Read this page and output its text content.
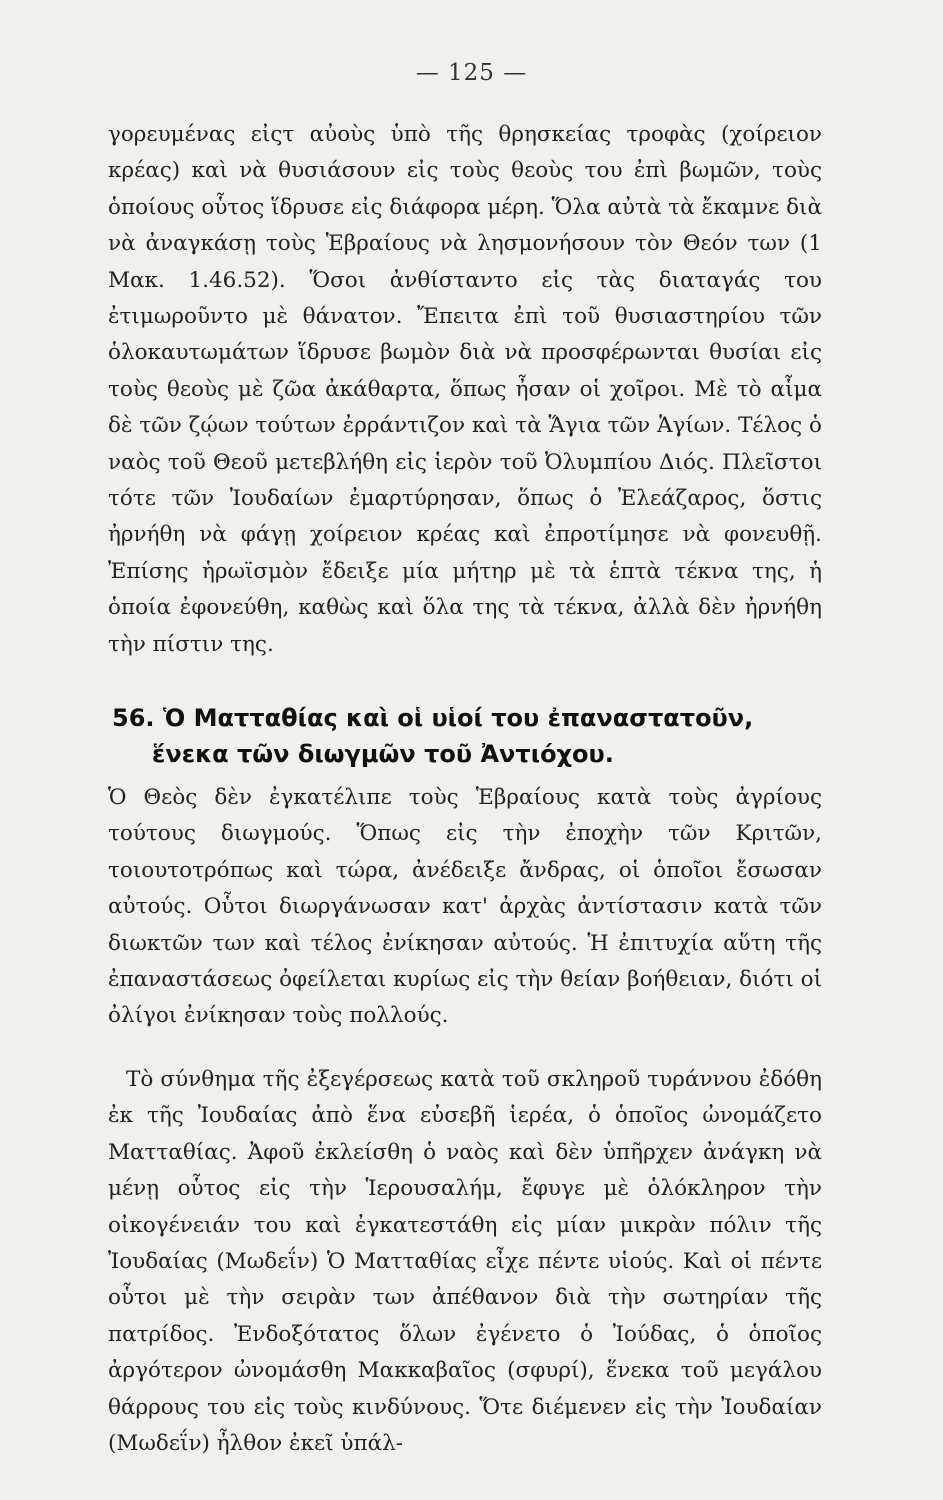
— 125 —

γορευμένας εἰςτ αὐοὺς ὑπὸ τῆς θρησκείας τροφὰς (χοίρειον κρέας) καὶ νὰ θυσιάσουν εἰς τοὺς θεοὺς του ἐπὶ βωμῶν, τοὺς ὁποίους οὗτος ἵδρυσε εἰς διάφορα μέρη. Ὅλα αὐτὰ τὰ ἔκαμνε διὰ νὰ ἀναγκάσῃ τοὺς Ἑβραίους νὰ λησμονήσουν τὸν Θεόν των (1 Μακ. 1.46.52). Ὅσοι ἀνθίσταντο εἰς τὰς διαταγάς του ἐτιμωροῦντο μὲ θάνατον. Ἔπειτα ἐπὶ τοῦ θυσιαστηρίου τῶν ὁλοκαυτωμάτων ἵδρυσε βωμὸν διὰ νὰ προσφέρωνται θυσίαι εἰς τοὺς θεοὺς μὲ ζῶα ἀκάθαρτα, ὅπως ἦσαν οἱ χοῖροι. Μὲ τὸ αἷμα δὲ τῶν ζῴων τούτων ἐρράντιζον καὶ τὰ Ἅγια τῶν Ἁγίων. Τέλος ὁ ναὸς τοῦ Θεοῦ μετεβλήθη εἰς ἱερὸν τοῦ Ὀλυμπίου Διός. Πλεῖστοι τότε τῶν Ἰουδαίων ἐμαρτύρησαν, ὅπως ὁ Ἐλεάζαρος, ὅστις ἠρνήθη νὰ φάγῃ χοίρειον κρέας καὶ ἐπροτίμησε νὰ φονευθῇ. Ἐπίσης ἡρωϊσμὸν ἔδειξε μία μήτηρ μὲ τὰ ἑπτὰ τέκνα της, ἡ ὁποία ἐφονεύθη, καθὼς καὶ ὅλα της τὰ τέκνα, ἀλλὰ δὲν ἠρνήθη τὴν πίστιν της.

56. Ὁ Ματταθίας καὶ οἱ υἱοί του ἐπαναστατοῦν,
ἕνεκα τῶν διωγμῶν τοῦ Ἀντιόχου.

Ὁ Θεὸς δὲν ἐγκατέλιπε τοὺς Ἑβραίους κατὰ τοὺς ἀγρίους τούτους διωγμούς. Ὅπως εἰς τὴν ἐποχὴν τῶν Κριτῶν, τοιουτοτρόπως καὶ τώρα, ἀνέδειξε ἄνδρας, οἱ ὁποῖοι ἔσωσαν αὐτούς. Οὗτοι διωργάνωσαν κατ' ἀρχὰς ἀντίστασιν κατὰ τῶν διωκτῶν των καὶ τέλος ἐνίκησαν αὐτούς. Ἡ ἐπιτυχία αὕτη τῆς ἐπαναστάσεως ὀφείλεται κυρίως εἰς τὴν θείαν βοήθειαν, διότι οἱ ὀλίγοι ἐνίκησαν τοὺς πολλούς.

Τὸ σύνθημα τῆς ἐξεγέρσεως κατὰ τοῦ σκληροῦ τυράννου ἐδόθη ἐκ τῆς Ἰουδαίας ἀπὸ ἕνα εὐσεβῆ ἱερέα, ὁ ὁποῖος ὠνομάζετο Ματταθίας. Ἀφοῦ ἐκλείσθη ὁ ναὸς καὶ δὲν ὑπῆρχεν ἀνάγκη νὰ μένῃ οὗτος εἰς τὴν Ἱερουσαλήμ, ἔφυγε μὲ ὁλόκληρον τὴν οἰκογένειάν του καὶ ἐγκατεστάθη εἰς μίαν μικρὰν πόλιν τῆς Ἰουδαίας (Μωδεΐν) Ὁ Ματταθίας εἶχε πέντε υἱούς. Καὶ οἱ πέντε οὗτοι μὲ τὴν σειρὰν των ἀπέθανον διὰ τὴν σωτηρίαν τῆς πατρίδος. Ἐνδοξότατος ὅλων ἐγένετο ὁ Ἰούδας, ὁ ὁποῖος ἀργότερον ὠνομάσθη Μακκαβαῖος (σφυρί), ἕνεκα τοῦ μεγάλου θάρρους του εἰς τοὺς κινδύνους. Ὅτε διέμενεν εἰς τὴν Ἰουδαίαν (Μωδεΐν) ἦλθον ἐκεῖ ὑπάλ-
